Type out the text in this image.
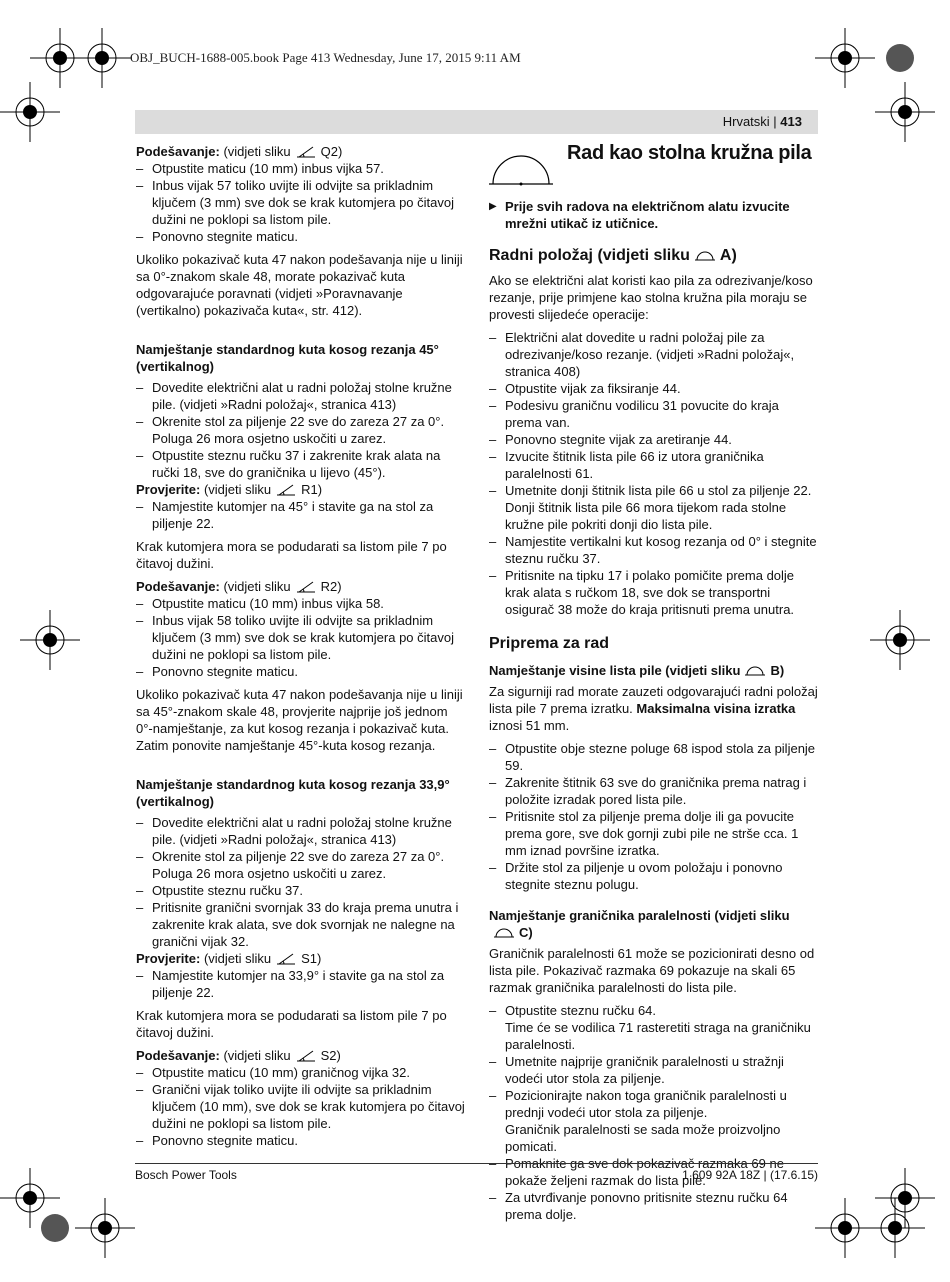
OBJ_BUCH-1688-005.book Page 413 Wednesday, June 17, 2015 9:11 AM
Hrvatski | 413

Podešavanje: (vidjeti sliku Q2)

– Otpustite maticu (10 mm) inbus vijka 57.

– Inbus vijak 57 toliko uvijte ili odvijte sa prikladnim ključem (3 mm) sve dok se krak kutomjera po čitavoj dužini ne poklopi sa listom pile.

– Ponovno stegnite maticu.

Ukoliko pokazivač kuta 47 nakon podešavanja nije u liniji sa 0°-znakom skale 48, morate pokazivač kuta odgovarajuće poravnati (vidjeti »Poravnavanje (vertikalno) pokazivača kuta«, str. 412).

Namještanje standardnog kuta kosog rezanja 45° (vertikalnog)

– Dovedite električni alat u radni položaj stolne kružne pile. (vidjeti »Radni položaj«, stranica 413)

– Okrenite stol za piljenje 22 sve do zareza 27 za 0°. Poluga 26 mora osjetno uskočiti u zarez.

– Otpustite steznu ručku 37 i zakrenite krak alata na ručki 18, sve do graničnika u lijevo (45°).

Provjerite: (vidjeti sliku R1)

– Namjestite kutomjer na 45° i stavite ga na stol za piljenje 22.

Krak kutomjera mora se podudarati sa listom pile 7 po čitavoj dužini.

Podešavanje: (vidjeti sliku R2)

– Otpustite maticu (10 mm) inbus vijka 58.

– Inbus vijak 58 toliko uvijte ili odvijte sa prikladnim ključem (3 mm) sve dok se krak kutomjera po čitavoj dužini ne poklopi sa listom pile.

– Ponovno stegnite maticu.

Ukoliko pokazivač kuta 47 nakon podešavanja nije u liniji sa 45°-znakom skale 48, provjerite najprije još jednom 0°-namještanje, za kut kosog rezanja i pokazivač kuta. Zatim ponovite namještanje 45°-kuta kosog rezanja.

Namještanje standardnog kuta kosog rezanja 33,9° (vertikalnog)

– Dovedite električni alat u radni položaj stolne kružne pile. (vidjeti »Radni položaj«, stranica 413)

– Okrenite stol za piljenje 22 sve do zareza 27 za 0°. Poluga 26 mora osjetno uskočiti u zarez.

– Otpustite steznu ručku 37.

– Pritisnite granični svornjak 33 do kraja prema unutra i zakrenite krak alata, sve dok svornjak ne nalegne na granični vijak 32.

Provjerite: (vidjeti sliku S1)

– Namjestite kutomjer na 33,9° i stavite ga na stol za piljenje 22.

Krak kutomjera mora se podudarati sa listom pile 7 po čitavoj dužini.

Podešavanje: (vidjeti sliku S2)

– Otpustite maticu (10 mm) graničnog vijka 32.

– Granični vijak toliko uvijte ili odvijte sa prikladnim ključem (10 mm), sve dok se krak kutomjera po čitavoj dužini ne poklopi sa listom pile.

– Ponovno stegnite maticu.

Rad kao stolna kružna pila

▶ Prije svih radova na električnom alatu izvucite mrežni utikač iz utičnice.

Radni položaj (vidjeti sliku A)

Ako se električni alat koristi kao pila za odrezivanje/koso rezanje, prije primjene kao stolna kružna pila moraju se provesti slijedeće operacije:

– Električni alat dovedite u radni položaj pile za odrezivanje/koso rezanje. (vidjeti »Radni položaj«, stranica 408)

– Otpustite vijak za fiksiranje 44.

– Podesivu graničnu vodilicu 31 povucite do kraja prema van.

– Ponovno stegnite vijak za aretiranje 44.

– Izvucite štitnik lista pile 66 iz utora graničnika paralelnosti 61.

– Umetnite donji štitnik lista pile 66 u stol za piljenje 22.

Donji štitnik lista pile 66 mora tijekom rada stolne kružne pile pokriti donji dio lista pile.

– Namjestite vertikalni kut kosog rezanja od 0° i stegnite steznu ručku 37.

– Pritisnite na tipku 17 i polako pomičite prema dolje krak alata s ručkom 18, sve dok se transportni osigurač 38 može do kraja pritisnuti prema unutra.

Priprema za rad
Namještanje visine lista pile (vidjeti sliku B)

Za sigurniji rad morate zauzeti odgovarajući radni položaj lista pile 7 prema izratku. Maksimalna visina izratka iznosi 51 mm.

– Otpustite obje stezne poluge 68 ispod stola za piljenje 59.

– Zakrenite štitnik 63 sve do graničnika prema natrag i položite izradak pored lista pile.

– Pritisnite stol za piljenje prema dolje ili ga povucite prema gore, sve dok gornji zubi pile ne strše cca. 1 mm iznad površine izratka.

– Držite stol za piljenje u ovom položaju i ponovno stegnite steznu polugu.

Namještanje graničnika paralelnosti (vidjeti slikuC)

Graničnik paralelnosti 61 može se pozicionirati desno od lista pile. Pokazivač razmaka 69 pokazuje na skali 65 razmak graničnika paralelnosti do lista pile.

– Otpustite steznu ručku 64.

Time će se vodilica 71 rasteretiti straga na graničniku paralelnosti.

– Umetnite najprije graničnik paralelnosti u stražnji vodeći utor stola za piljenje.

– Pozicionirajte nakon toga graničnik paralelnosti u prednji vodeći utor stola za piljenje.

Graničnik paralelnosti se sada može proizvoljno pomicati.

– Pomaknite ga sve dok pokazivač razmaka 69 ne pokaže željeni razmak do lista pile.

– Za utvrđivanje ponovno pritisnite steznu ručku 64 prema dolje.

Bosch Power Tools	1 609 92A 18Z | (17.6.15)
